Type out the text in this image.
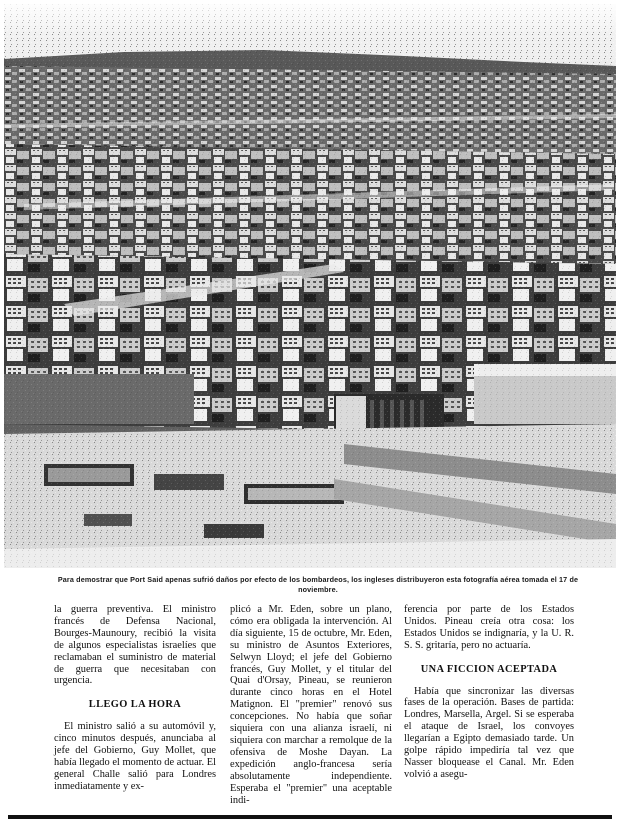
Para demostrar que Port Said apenas sufrió daños por efecto de los bombardeos, los ingleses distribuyeron esta fotografía aérea tomada el 17 de noviembre.

la guerra preventiva. El ministro francés de Defensa Nacional, Bourges-Maunoury, recibió la visita de algunos especialistas israelíes que reclamaban el suministro de material de guerra que necesitaban con urgencia.

LLEGO LA HORA

El ministro salió a su automóvil y, cinco minutos después, anunciaba al jefe del Gobierno, Guy Mollet, que había llegado el momento de actuar. El general Challe salió para Londres inmediatamente y ex-

plicó a Mr. Eden, sobre un plano, cómo era obligada la intervención. Al día siguiente, 15 de octubre, Mr. Eden, su ministro de Asuntos Exteriores, Selwyn Lloyd; el jefe del Gobierno francés, Guy Mollet, y el titular del Quai d'Orsay, Pineau, se reunieron durante cinco horas en el Hotel Matignon. El "premier" renovó sus concepciones. No había que soñar siquiera con una alianza israelí, ni siquiera con marchar a remolque de la ofensiva de Moshe Dayan. La expedición anglo-francesa sería absolutamente independiente. Esperaba el "premier" una aceptable indi-

ferencia por parte de los Estados Unidos. Pineau creía otra cosa: los Estados Unidos se indignaría, y la U. R. S. S. gritaría, pero no actuaría.

UNA FICCION ACEPTADA

Había que sincronizar las diversas fases de la operación. Bases de partida: Londres, Marsella, Argel. Si se esperaba el ataque de Israel, los convoyes llegarían a Egipto demasiado tarde. Un golpe rápido impediría tal vez que Nasser bloquease el Canal. Mr. Eden volvió a asegu-
